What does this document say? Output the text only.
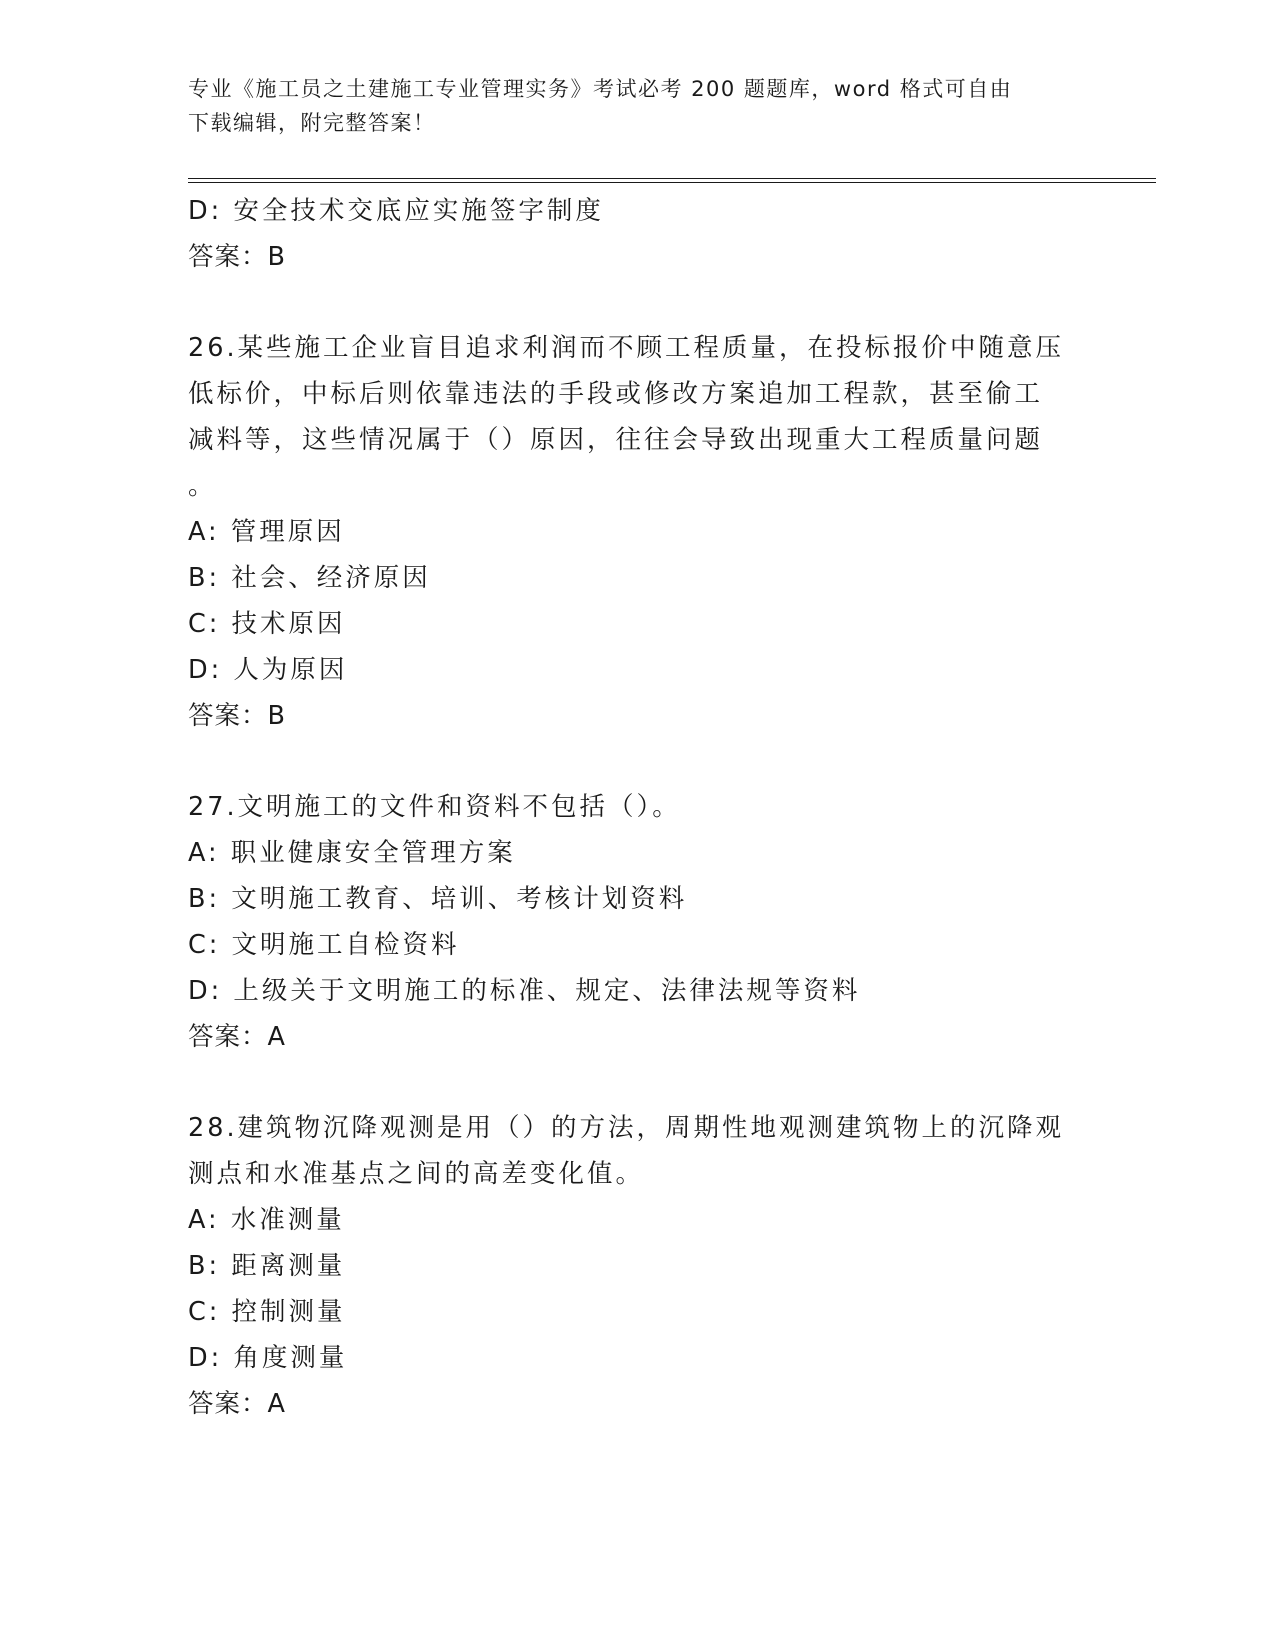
专业《施工员之土建施工专业管理实务》考试必考 200 题题库，word 格式可自由
下载编辑，附完整答案！
D: 安全技术交底应实施签字制度
答案：B
26.某些施工企业盲目追求利润而不顾工程质量，在投标报价中随意压
低标价，中标后则依靠违法的手段或修改方案追加工程款，甚至偷工
减料等，这些情况属于（）原因，往往会导致出现重大工程质量问题
。
A: 管理原因
B: 社会、经济原因
C: 技术原因
D: 人为原因
答案：B
27.文明施工的文件和资料不包括（）。
A: 职业健康安全管理方案
B: 文明施工教育、培训、考核计划资料
C: 文明施工自检资料
D: 上级关于文明施工的标准、规定、法律法规等资料
答案：A
28.建筑物沉降观测是用（）的方法，周期性地观测建筑物上的沉降观
测点和水准基点之间的高差变化值。
A: 水准测量
B: 距离测量
C: 控制测量
D: 角度测量
答案：A
